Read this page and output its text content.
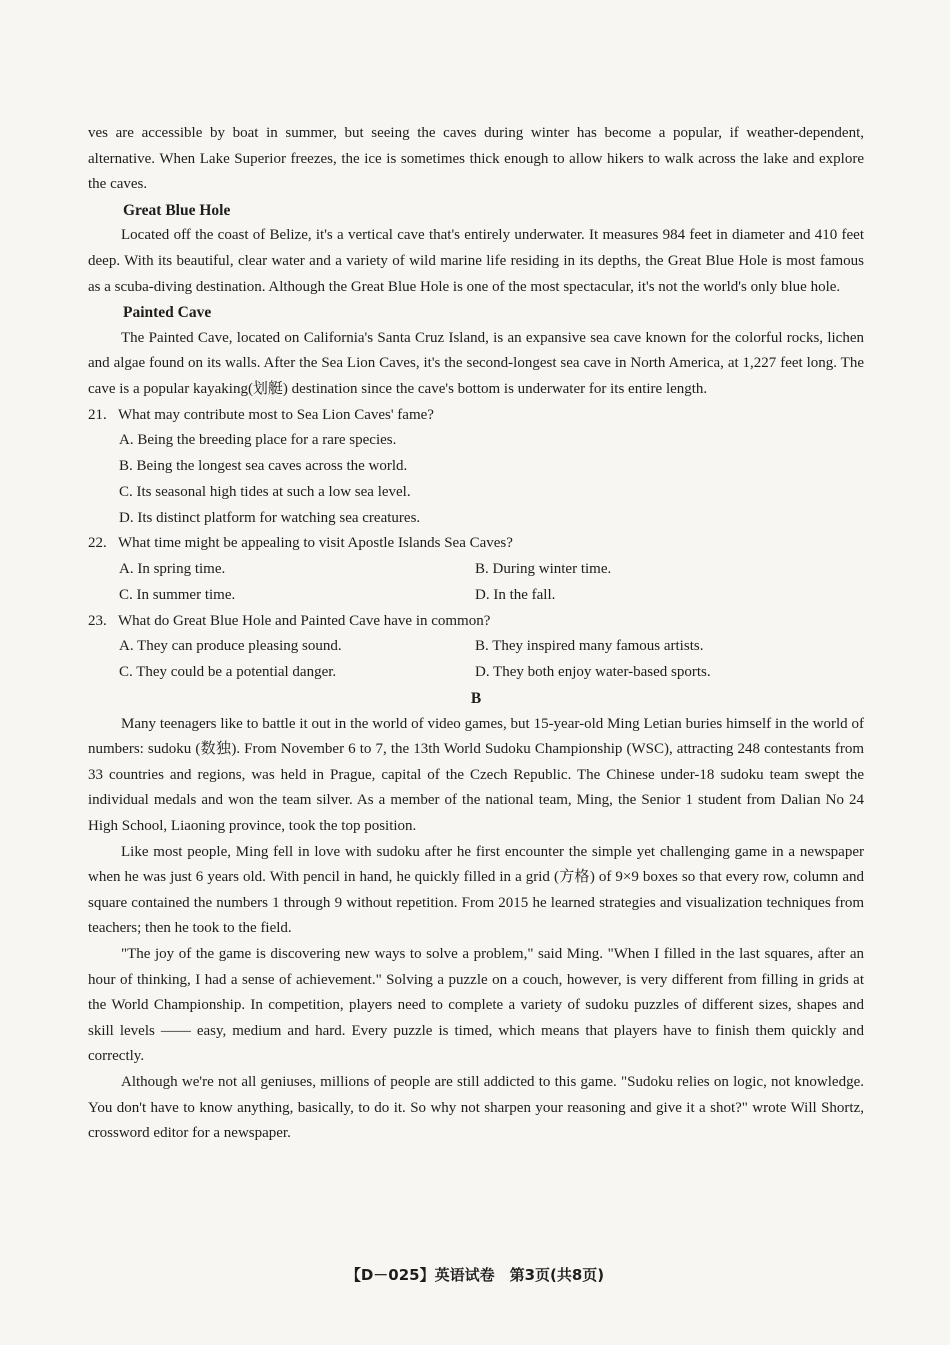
ves are accessible by boat in summer, but seeing the caves during winter has become a popular, if weather-dependent, alternative. When Lake Superior freezes, the ice is sometimes thick enough to allow hikers to walk across the lake and explore the caves.

Great Blue Hole

Located off the coast of Belize, it's a vertical cave that's entirely underwater. It measures 984 feet in diameter and 410 feet deep. With its beautiful, clear water and a variety of wild marine life residing in its depths, the Great Blue Hole is most famous as a scuba-diving destination. Although the Great Blue Hole is one of the most spectacular, it's not the world's only blue hole.

Painted Cave

The Painted Cave, located on California's Santa Cruz Island, is an expansive sea cave known for the colorful rocks, lichen and algae found on its walls. After the Sea Lion Caves, it's the second-longest sea cave in North America, at 1,227 feet long. The cave is a popular kayaking(划艇) destination since the cave's bottom is underwater for its entire length.

21. What may contribute most to Sea Lion Caves' fame?

A. Being the breeding place for a rare species.

B. Being the longest sea caves across the world.

C. Its seasonal high tides at such a low sea level.

D. Its distinct platform for watching sea creatures.

22. What time might be appealing to visit Apostle Islands Sea Caves?

A. In spring time.	B. During winter time.
C. In summer time.	D. In the fall.

23. What do Great Blue Hole and Painted Cave have in common?

A. They can produce pleasing sound.	B. They inspired many famous artists.
C. They could be a potential danger.	D. They both enjoy water-based sports.

B

Many teenagers like to battle it out in the world of video games, but 15-year-old Ming Letian buries himself in the world of numbers: sudoku (数独). From November 6 to 7, the 13th World Sudoku Championship (WSC), attracting 248 contestants from 33 countries and regions, was held in Prague, capital of the Czech Republic. The Chinese under-18 sudoku team swept the individual medals and won the team silver. As a member of the national team, Ming, the Senior 1 student from Dalian No 24 High School, Liaoning province, took the top position.

Like most people, Ming fell in love with sudoku after he first encounter the simple yet challenging game in a newspaper when he was just 6 years old. With pencil in hand, he quickly filled in a grid (方格) of 9×9 boxes so that every row, column and square contained the numbers 1 through 9 without repetition. From 2015 he learned strategies and visualization techniques from teachers; then he took to the field.

"The joy of the game is discovering new ways to solve a problem," said Ming. "When I filled in the last squares, after an hour of thinking, I had a sense of achievement." Solving a puzzle on a couch, however, is very different from filling in grids at the World Championship. In competition, players need to complete a variety of sudoku puzzles of different sizes, shapes and skill levels —— easy, medium and hard. Every puzzle is timed, which means that players have to finish them quickly and correctly.

Although we're not all geniuses, millions of people are still addicted to this game. "Sudoku relies on logic, not knowledge. You don't have to know anything, basically, to do it. So why not sharpen your reasoning and give it a shot?" wrote Will Shortz, crossword editor for a newspaper.

【D－025】英语试卷　第3页(共8页)
